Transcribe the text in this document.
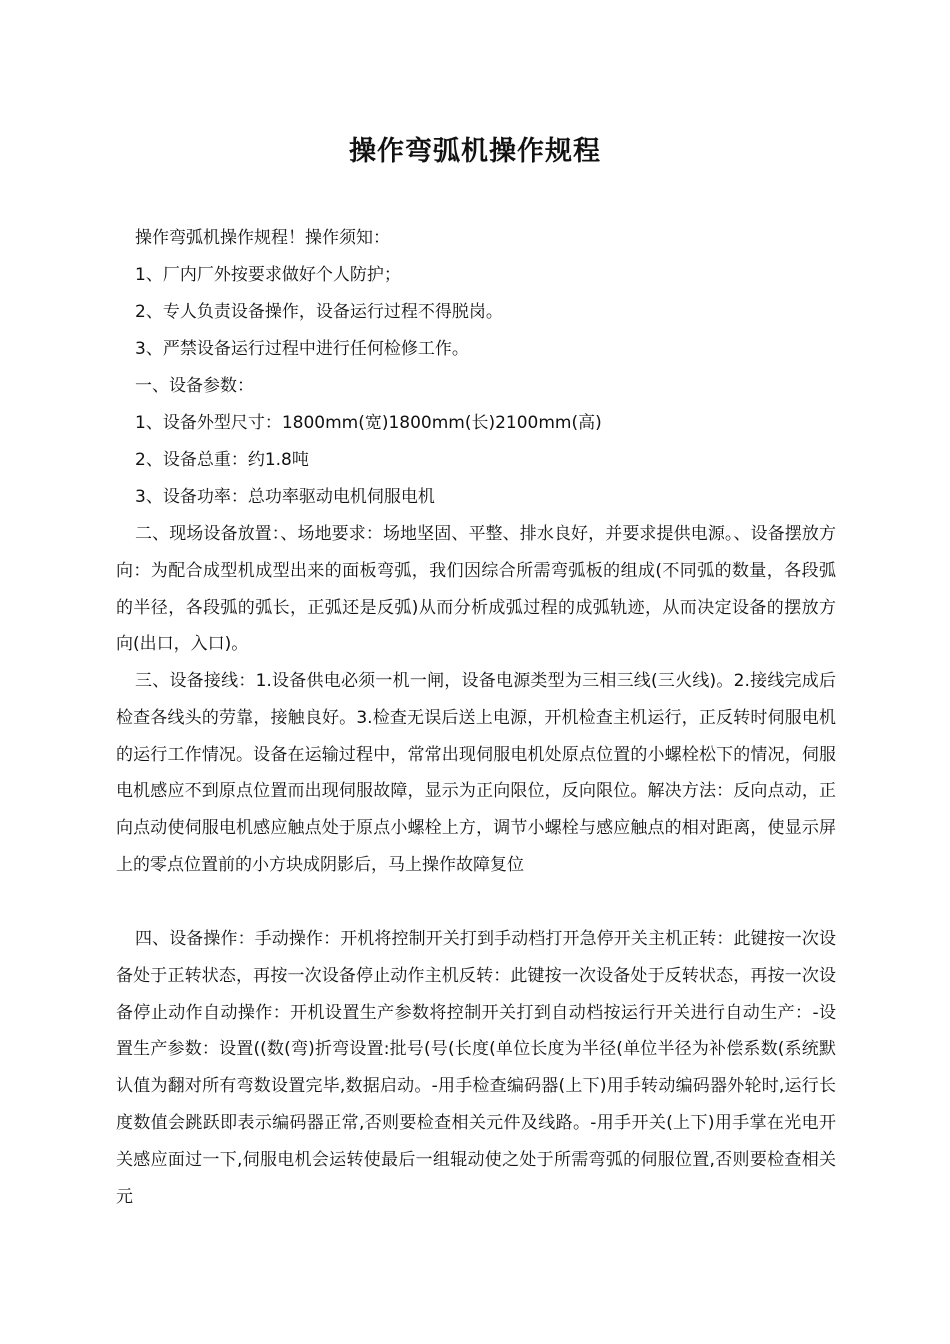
操作弯弧机操作规程
操作弯弧机操作规程！操作须知：
1、厂内厂外按要求做好个人防护；
2、专人负责设备操作，设备运行过程不得脱岗。
3、严禁设备运行过程中进行任何检修工作。
一、设备参数：
1、设备外型尺寸：1800mm(宽)1800mm(长)2100mm(高)
2、设备总重：约1.8吨
3、设备功率：总功率驱动电机伺服电机

二、现场设备放置：、场地要求：场地坚固、平整、排水良好，并要求提供电源。、设备摆放方向：为配合成型机成型出来的面板弯弧，我们因综合所需弯弧板的组成(不同弧的数量，各段弧的半径，各段弧的弧长，正弧还是反弧)从而分析成弧过程的成弧轨迹，从而决定设备的摆放方向(出口，入口)。

三、设备接线：1.设备供电必须一机一闸，设备电源类型为三相三线(三火线)。2.接线完成后检查各线头的劳靠，接触良好。3.检查无误后送上电源，开机检查主机运行，正反转时伺服电机的运行工作情况。设备在运输过程中，常常出现伺服电机处原点位置的小螺栓松下的情况，伺服电机感应不到原点位置而出现伺服故障，显示为正向限位，反向限位。解决方法：反向点动，正向点动使伺服电机感应触点处于原点小螺栓上方，调节小螺栓与感应触点的相对距离，使显示屏上的零点位置前的小方块成阴影后，马上操作故障复位

四、设备操作：手动操作：开机将控制开关打到手动档打开急停开关主机正转：此键按一次设备处于正转状态，再按一次设备停止动作主机反转：此键按一次设备处于反转状态，再按一次设备停止动作自动操作：开机设置生产参数将控制开关打到自动档按运行开关进行自动生产：-设置生产参数：设置((数(弯)折弯设置:批号(号(长度(单位长度为半径(单位半径为补偿系数(系统默认值为翻对所有弯数设置完毕,数据启动。-用手检查编码器(上下)用手转动编码器外轮时,运行长度数值会跳跃即表示编码器正常,否则要检查相关元件及线路。-用手开关(上下)用手掌在光电开关感应面过一下,伺服电机会运转使最后一组辊动使之处于所需弯弧的伺服位置,否则要检查相关元
